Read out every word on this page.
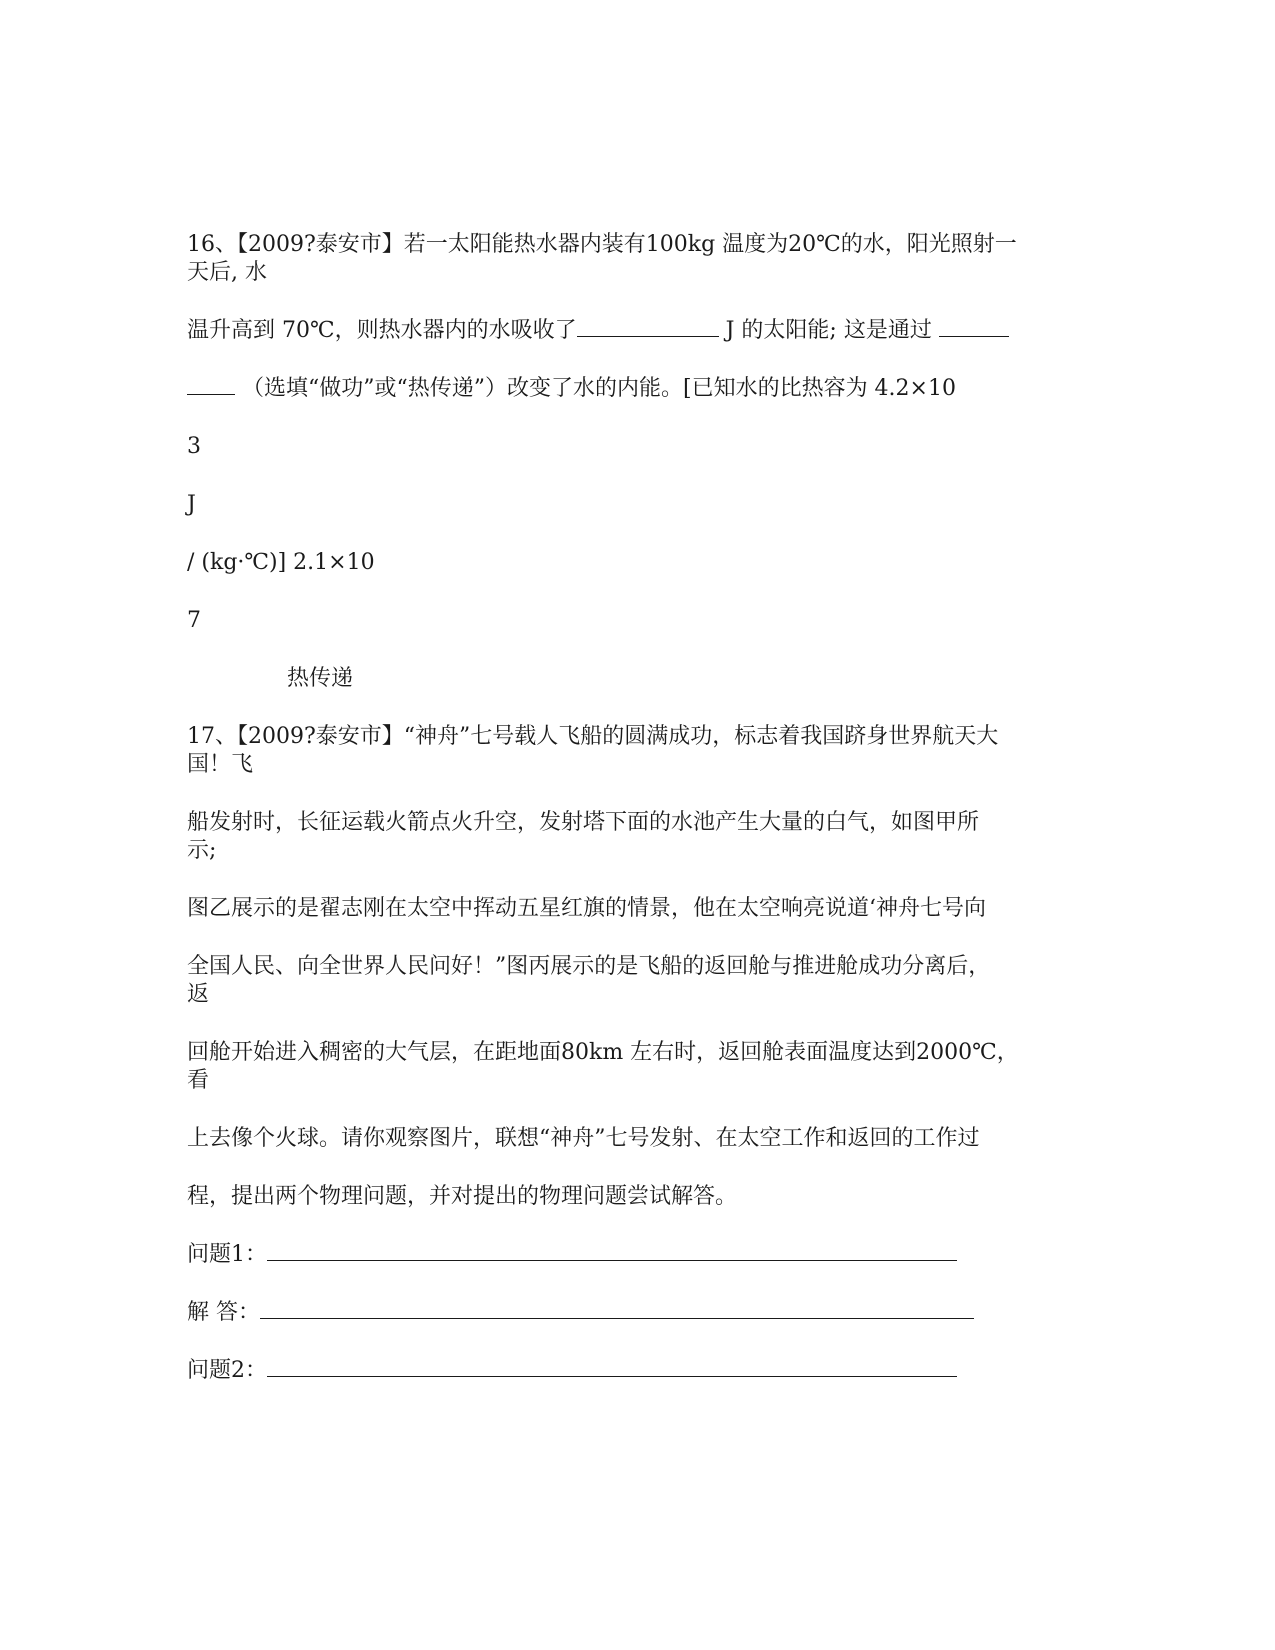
16、【2009?泰安市】若一太阳能热水器内装有100kg 温度为20℃的水，阳光照射一
天后, 水
温升高到 70℃，则热水器内的水吸收了	J 的太阳能; 这是通过
（选填“做功”或“热传递”）改变了水的内能。[已知水的比热容为 4.2×10
3
J
/ (kg·℃)] 2.1×10
7
热传递
17、【2009?泰安市】“神舟”七号载人飞船的圆满成功，标志着我国跻身世界航天大
国！飞
船发射时，长征运载火箭点火升空，发射塔下面的水池产生大量的白气，如图甲所
示;
图乙展示的是翟志刚在太空中挥动五星红旗的情景，他在太空响亮说道‘神舟七号向
全国人民、向全世界人民问好！”图丙展示的是飞船的返回舱与推进舱成功分离后，
返
回舱开始进入稠密的大气层，在距地面80km 左右时，返回舱表面温度达到2000℃，
看
上去像个火球。请你观察图片，联想“神舟”七号发射、在太空工作和返回的工作过
程，提出两个物理问题，并对提出的物理问题尝试解答。
问题1：
解 答：
问题2：
